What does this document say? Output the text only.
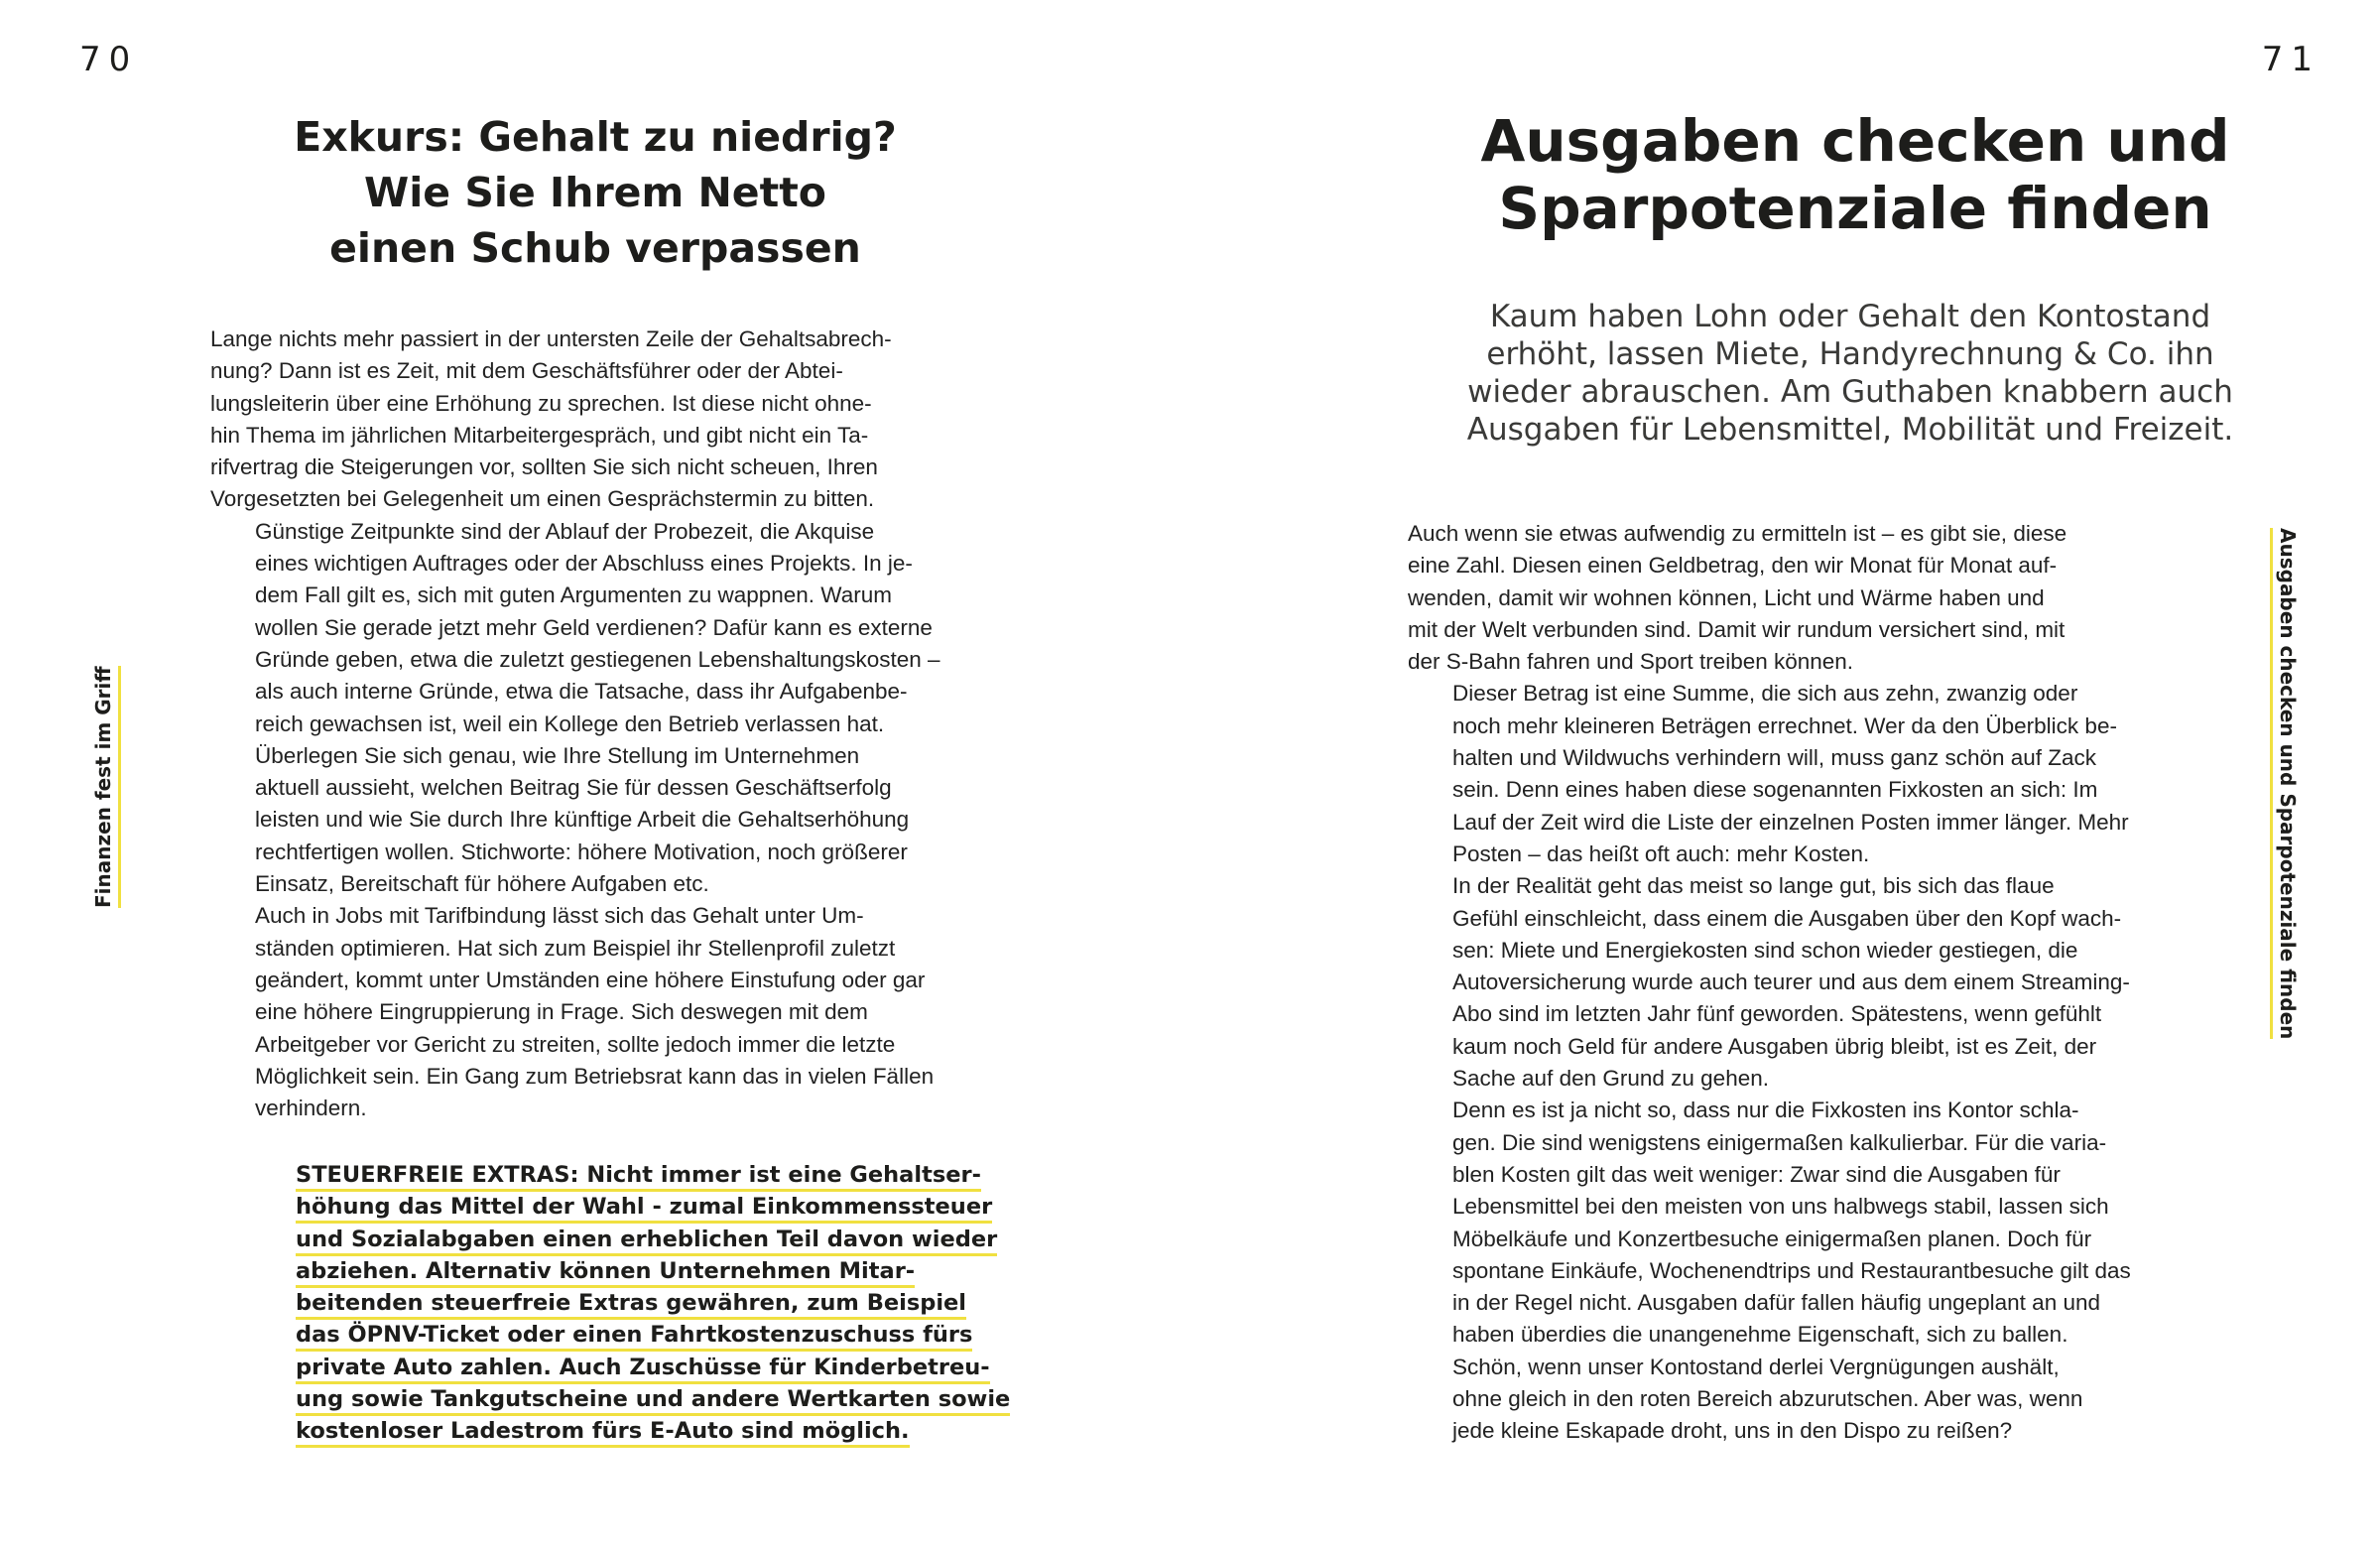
70
Finanzen fest im Griff
Exkurs: Gehalt zu niedrig?
Wie Sie Ihrem Netto
einen Schub verpassen

Lange nichts mehr passiert in der untersten Zeile der Gehaltsabrech-
nung? Dann ist es Zeit, mit dem Geschäftsführer oder der Abtei-
lungsleiterin über eine Erhöhung zu sprechen. Ist diese nicht ohne-
hin Thema im jährlichen Mitarbeitergespräch, und gibt nicht ein Ta-
rifvertrag die Steigerungen vor, sollten Sie sich nicht scheuen, Ihren
Vorgesetzten bei Gelegenheit um einen Gesprächstermin zu bitten.

Günstige Zeitpunkte sind der Ablauf der Probezeit, die Akquise
eines wichtigen Auftrages oder der Abschluss eines Projekts. In je-
dem Fall gilt es, sich mit guten Argumenten zu wappnen. Warum
wollen Sie gerade jetzt mehr Geld verdienen? Dafür kann es externe
Gründe geben, etwa die zuletzt gestiegenen Lebenshaltungskosten –
als auch interne Gründe, etwa die Tatsache, dass ihr Aufgabenbe-
reich gewachsen ist, weil ein Kollege den Betrieb verlassen hat.

Überlegen Sie sich genau, wie Ihre Stellung im Unternehmen
aktuell aussieht, welchen Beitrag Sie für dessen Geschäftserfolg
leisten und wie Sie durch Ihre künftige Arbeit die Gehaltserhöhung
rechtfertigen wollen. Stichworte: höhere Motivation, noch größerer
Einsatz, Bereitschaft für höhere Aufgaben etc.

Auch in Jobs mit Tarifbindung lässt sich das Gehalt unter Um-
ständen optimieren. Hat sich zum Beispiel ihr Stellenprofil zuletzt
geändert, kommt unter Umständen eine höhere Einstufung oder gar
eine höhere Eingruppierung in Frage. Sich deswegen mit dem
Arbeitgeber vor Gericht zu streiten, sollte jedoch immer die letzte
Möglichkeit sein. Ein Gang zum Betriebsrat kann das in vielen Fällen
verhindern.

STEUERFREIE EXTRAS: Nicht immer ist eine Gehaltser-
höhung das Mittel der Wahl - zumal Einkommenssteuer
und Sozialabgaben einen erheblichen Teil davon wieder
abziehen. Alternativ können Unternehmen Mitar-
beitenden steuerfreie Extras gewähren, zum Beispiel
das ÖPNV-Ticket oder einen Fahrtkostenzuschuss fürs
private Auto zahlen. Auch Zuschüsse für Kinderbetreu-
ung sowie Tankgutscheine und andere Wertkarten sowie
kostenloser Ladestrom fürs E-Auto sind möglich.
71
Ausgaben checken und Sparpotenziale finden
Ausgaben checken und
Sparpotenziale finden
Kaum haben Lohn oder Gehalt den Kontostand
erhöht, lassen Miete, Handyrechnung & Co. ihn
wieder abrauschen. Am Guthaben knabbern auch
Ausgaben für Lebensmittel, Mobilität und Freizeit.

Auch wenn sie etwas aufwendig zu ermitteln ist – es gibt sie, diese
eine Zahl. Diesen einen Geldbetrag, den wir Monat für Monat auf-
wenden, damit wir wohnen können, Licht und Wärme haben und
mit der Welt verbunden sind. Damit wir rundum versichert sind, mit
der S-Bahn fahren und Sport treiben können.

Dieser Betrag ist eine Summe, die sich aus zehn, zwanzig oder
noch mehr kleineren Beträgen errechnet. Wer da den Überblick be-
halten und Wildwuchs verhindern will, muss ganz schön auf Zack
sein. Denn eines haben diese sogenannten Fixkosten an sich: Im
Lauf der Zeit wird die Liste der einzelnen Posten immer länger. Mehr
Posten – das heißt oft auch: mehr Kosten.

In der Realität geht das meist so lange gut, bis sich das flaue
Gefühl einschleicht, dass einem die Ausgaben über den Kopf wach-
sen: Miete und Energiekosten sind schon wieder gestiegen, die
Autoversicherung wurde auch teurer und aus dem einem Streaming-
Abo sind im letzten Jahr fünf geworden. Spätestens, wenn gefühlt
kaum noch Geld für andere Ausgaben übrig bleibt, ist es Zeit, der
Sache auf den Grund zu gehen.

Denn es ist ja nicht so, dass nur die Fixkosten ins Kontor schla-
gen. Die sind wenigstens einigermaßen kalkulierbar. Für die varia-
blen Kosten gilt das weit weniger: Zwar sind die Ausgaben für
Lebensmittel bei den meisten von uns halbwegs stabil, lassen sich
Möbelkäufe und Konzertbesuche einigermaßen planen. Doch für
spontane Einkäufe, Wochenendtrips und Restaurantbesuche gilt das
in der Regel nicht. Ausgaben dafür fallen häufig ungeplant an und
haben überdies die unangenehme Eigenschaft, sich zu ballen.

Schön, wenn unser Kontostand derlei Vergnügungen aushält,
ohne gleich in den roten Bereich abzurutschen. Aber was, wenn
jede kleine Eskapade droht, uns in den Dispo zu reißen?
